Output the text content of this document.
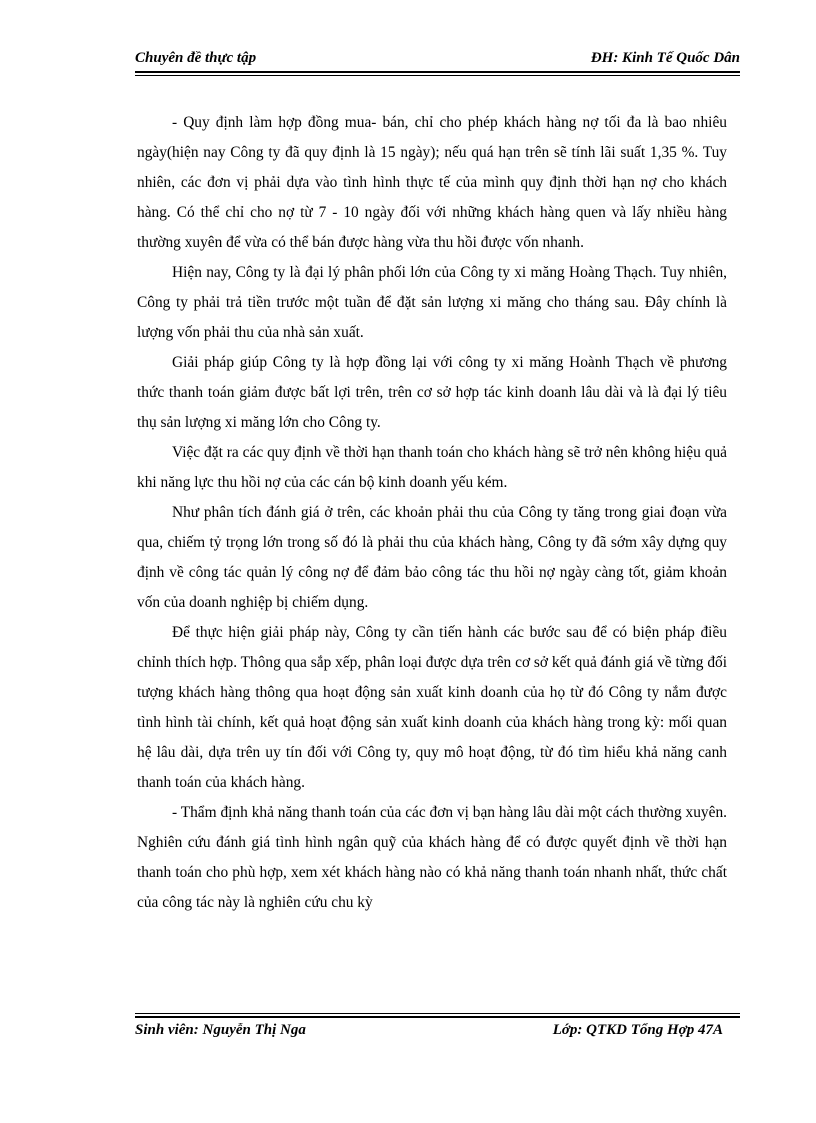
Chuyên đề thực tập	ĐH: Kinh Tế Quốc Dân

- Quy định làm hợp đồng mua- bán, chỉ cho phép khách hàng nợ tối đa là bao nhiêu ngày(hiện nay Công ty đã quy định là 15 ngày); nếu quá hạn trên sẽ tính lãi suất 1,35 %. Tuy nhiên, các đơn vị phải dựa vào tình hình thực tế của mình quy định thời hạn nợ cho khách hàng. Có thể chỉ cho nợ từ 7 - 10 ngày đối với những khách hàng quen và lấy nhiều hàng thường xuyên để vừa có thể bán được hàng vừa thu hồi được vốn nhanh.

Hiện nay, Công ty là đại lý phân phối lớn của Công ty xi măng Hoàng Thạch. Tuy nhiên, Công ty phải trả tiền trước một tuần để đặt sản lượng xi măng cho tháng sau. Đây chính là lượng vốn phải thu của nhà sản xuất.

Giải pháp giúp Công ty là hợp đồng lại với công ty xi măng Hoành Thạch về phương thức thanh toán giảm được bất lợi trên, trên cơ sở hợp tác kinh doanh lâu dài và là đại lý tiêu thụ sản lượng xi măng lớn cho Công ty.

Việc đặt ra các quy định về thời hạn thanh toán cho khách hàng sẽ trở nên không hiệu quả khi năng lực thu hồi nợ của các cán bộ kinh doanh yếu kém.

Như phân tích đánh giá ở trên, các khoản phải thu của Công ty tăng trong giai đoạn vừa qua, chiếm tỷ trọng lớn trong số đó là phải thu của khách hàng, Công ty đã sớm xây dựng quy định về công tác quản lý công nợ để đảm bảo công tác thu hồi nợ ngày càng tốt, giảm khoản vốn của doanh nghiệp bị chiếm dụng.

Để thực hiện giải pháp này, Công ty cần tiến hành các bước sau để có biện pháp điều chỉnh thích hợp. Thông qua sắp xếp, phân loại được dựa trên cơ sở kết quả đánh giá về từng đối tượng khách hàng thông qua hoạt động sản xuất kinh doanh của họ từ đó Công ty nắm được tình hình tài chính, kết quả hoạt động sản xuất kinh doanh của khách hàng trong kỳ: mối quan hệ lâu dài, dựa trên uy tín đối với Công ty, quy mô hoạt động, từ đó tìm hiểu khả năng canh thanh toán của khách hàng.

- Thẩm định khả năng thanh toán của các đơn vị bạn hàng lâu dài một cách thường xuyên. Nghiên cứu đánh giá tình hình ngân quỹ của khách hàng để có được quyết định về thời hạn thanh toán cho phù hợp, xem xét khách hàng nào có khả năng thanh toán nhanh nhất, thức chất của công tác này là nghiên cứu chu kỳ

Sinh viên: Nguyễn Thị Nga	Lớp: QTKD Tổng Hợp 47A
